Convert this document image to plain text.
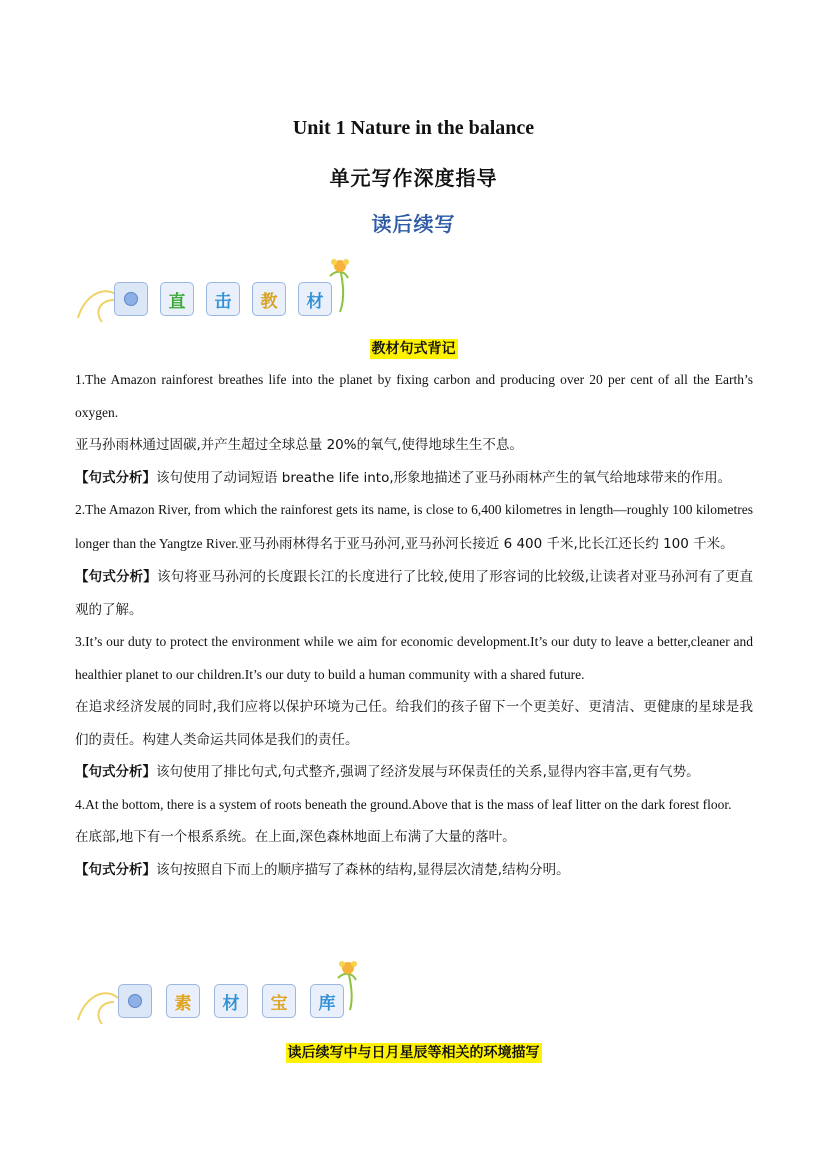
Unit 1 Nature in the balance
单元写作深度指导
读后续写
直 击 教 材
教材句式背记

1.The Amazon rainforest breathes life into the planet by fixing carbon and producing over 20 per cent of all the Earth’s oxygen.

亚马孙雨林通过固碳,并产生超过全球总量 20%的氧气,使得地球生生不息。

【句式分析】该句使用了动词短语 breathe life into,形象地描述了亚马孙雨林产生的氧气给地球带来的作用。

2.The Amazon River, from which the rainforest gets its name, is close to 6,400 kilometres in length—roughly 100 kilometres longer than the Yangtze River.亚马孙雨林得名于亚马孙河,亚马孙河长接近 6 400 千米,比长江还长约 100 千米。

【句式分析】该句将亚马孙河的长度跟长江的长度进行了比较,使用了形容词的比较级,让读者对亚马孙河有了更直观的了解。

3.It’s our duty to protect the environment while we aim for economic development.It’s our duty to leave a better,cleaner and healthier planet to our children.It’s our duty to build a human community with a shared future.

在追求经济发展的同时,我们应将以保护环境为己任。给我们的孩子留下一个更美好、更清洁、更健康的星球是我们的责任。构建人类命运共同体是我们的责任。

【句式分析】该句使用了排比句式,句式整齐,强调了经济发展与环保责任的关系,显得内容丰富,更有气势。

4.At the bottom, there is a system of roots beneath the ground.Above that is the mass of leaf litter on the dark forest floor.

在底部,地下有一个根系系统。在上面,深色森林地面上布满了大量的落叶。

【句式分析】该句按照自下而上的顺序描写了森林的结构,显得层次清楚,结构分明。

素 材 宝 库
读后续写中与日月星辰等相关的环境描写
